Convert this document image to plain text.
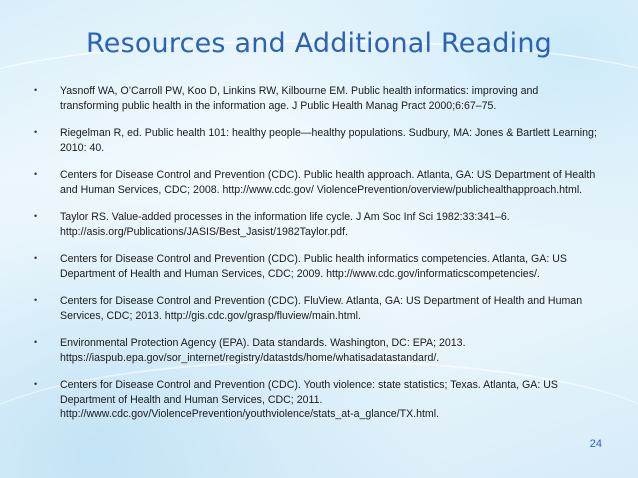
Resources and Additional Reading
• Yasnoff WA, O’Carroll PW, Koo D, Linkins RW, Kilbourne EM. Public health informatics: improving and transforming public health in the information age. J Public Health Manag Pract 2000;6:67–75.
• Riegelman R, ed. Public health 101: healthy people—healthy populations. Sudbury, MA: Jones & Bartlett Learning; 2010: 40.
• Centers for Disease Control and Prevention (CDC). Public health approach. Atlanta, GA: US Department of Health and Human Services, CDC; 2008. http://www.cdc.gov/ ViolencePrevention/overview/publichealthapproach.html.
• Taylor RS. Value-added processes in the information life cycle. J Am Soc Inf Sci 1982:33:341–6. http://asis.org/Publications/JASIS/Best_Jasist/1982Taylor.pdf.
• Centers for Disease Control and Prevention (CDC). Public health informatics competencies. Atlanta, GA: US Department of Health and Human Services, CDC; 2009. http://www.cdc.gov/informaticscompetencies/.
• Centers for Disease Control and Prevention (CDC). FluView. Atlanta, GA: US Department of Health and Human Services, CDC; 2013. http://gis.cdc.gov/grasp/fluview/main.html.
• Environmental Protection Agency (EPA). Data standards. Washington, DC: EPA; 2013. https://iaspub.epa.gov/sor_internet/registry/datastds/home/whatisadatastandard/.
• Centers for Disease Control and Prevention (CDC). Youth violence: state statistics; Texas. Atlanta, GA: US Department of Health and Human Services, CDC; 2011. http://www.cdc.gov/ViolencePrevention/youthviolence/stats_at-a_glance/TX.html.
24
